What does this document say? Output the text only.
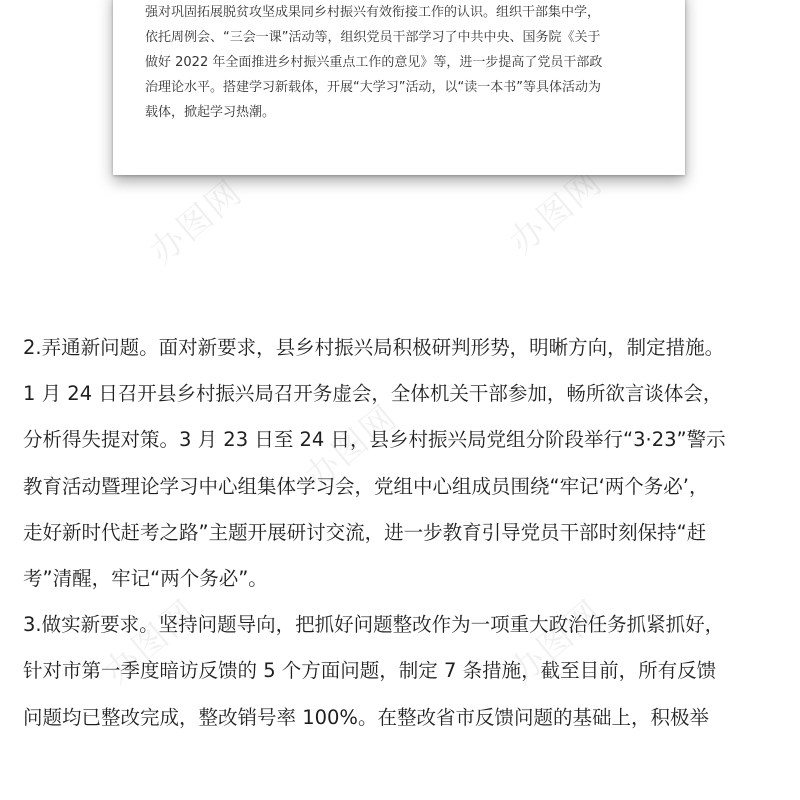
办图网	办图网
办图网
办图网	办图网
强对巩固拓展脱贫攻坚成果同乡村振兴有效衔接工作的认识。组织干部集中学，
依托周例会、“三会一课”活动等，组织党员干部学习了中共中央、国务院《关于
做好 2022 年全面推进乡村振兴重点工作的意见》等，进一步提高了党员干部政
治理论水平。搭建学习新载体，开展“大学习”活动，以“读一本书”等具体活动为
载体，掀起学习热潮。
2.弄通新问题。面对新要求，县乡村振兴局积极研判形势，明晰方向，制定措施。
1 月 24 日召开县乡村振兴局召开务虚会，全体机关干部参加，畅所欲言谈体会，
分析得失提对策。3 月 23 日至 24 日，县乡村振兴局党组分阶段举行“3·23”警示
教育活动暨理论学习中心组集体学习会，党组中心组成员围绕“牢记‘两个务必’，
走好新时代赶考之路”主题开展研讨交流，进一步教育引导党员干部时刻保持“赶
考”清醒，牢记“两个务必”。
3.做实新要求。坚持问题导向，把抓好问题整改作为一项重大政治任务抓紧抓好，
针对市第一季度暗访反馈的 5 个方面问题，制定 7 条措施，截至目前，所有反馈
问题均已整改完成，整改销号率 100%。在整改省市反馈问题的基础上，积极举
